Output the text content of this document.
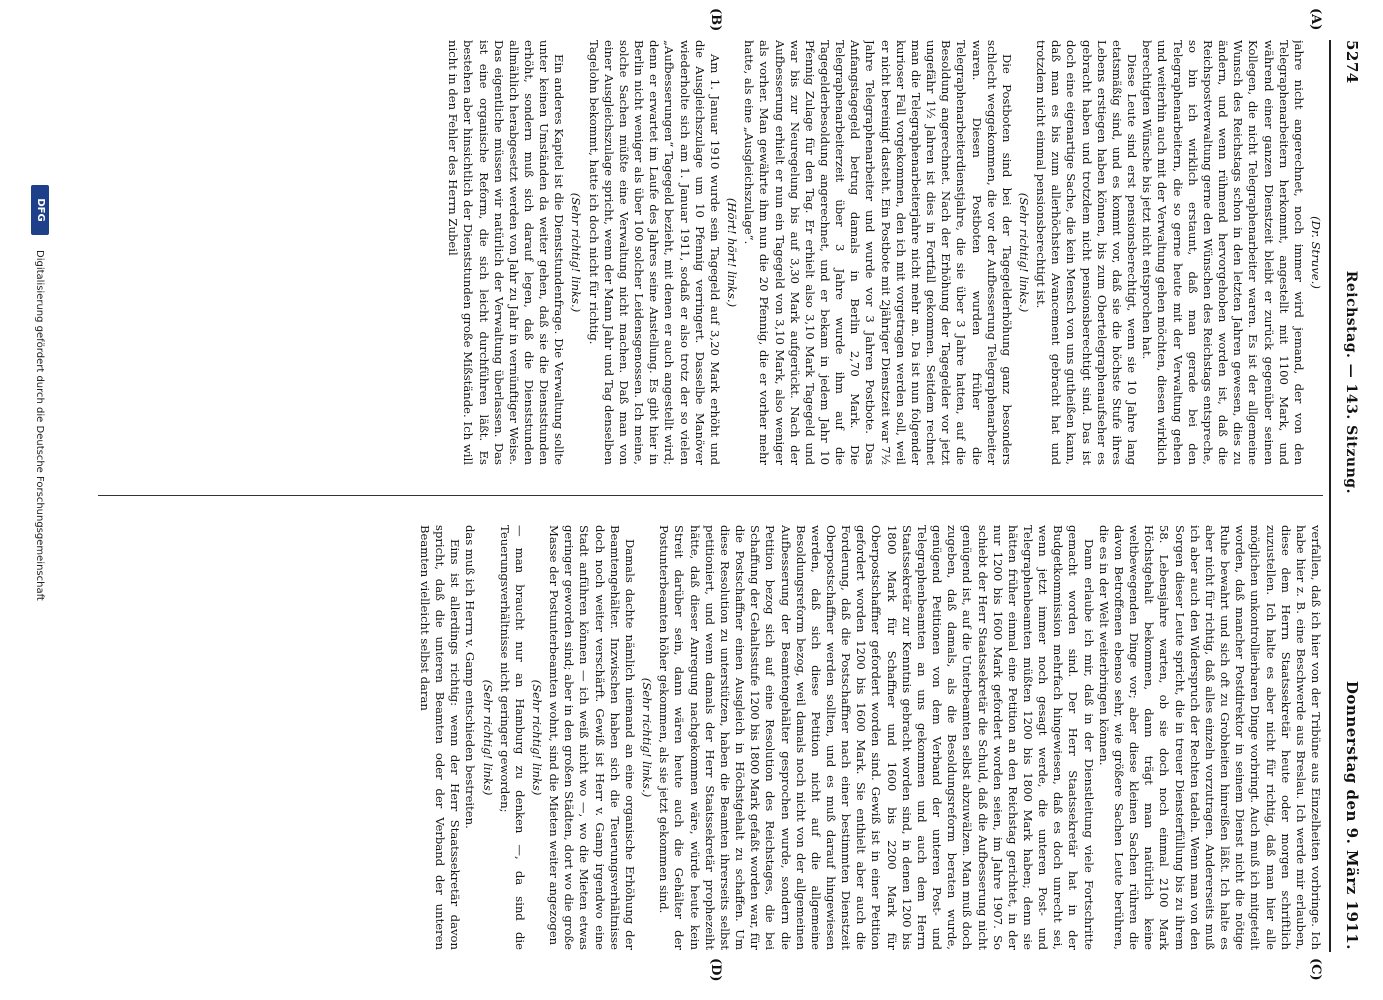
5274
Reichstag. — 143. Sitzung.
Donnerstag den 9. März 1911.
(A)
(B)
(C)
(D)
(Dr. Struve.)

jahre nicht angerechnet, noch immer wird jemand, der von den Telegraphenarbeitern herkommt, angestellt mit 1100 Mark, und während einer ganzen Dienstzeit bleibt er zurück gegenüber seinen Kollegen, die nicht Telegraphenarbeiter waren. Es ist der allgemeine Wunsch des Reichstags schon in den letzten Jahren gewesen, dies zu ändern, und wenn rühmend hervorgehoben worden ist, daß die Reichspostverwaltung gerne den Wünschen des Reichstags entspreche, so bin ich wirklich erstaunt, daß man gerade bei den Telegraphenarbeitern, die so gerne heute mit der Verwaltung gehen und weiterhin auch mit der Verwaltung gehen möchten, diesen wirklich berechtigten Wünsche bis jetzt nicht entsprochen hat.

Diese Leute sind erst pensionsberechtigt, wenn sie 10 Jahre lang etatsmäßig sind, und es kommt vor, daß sie die höchste Stufe ihres Lebens erstiegen haben können, bis zum Obertelegraphenaufseher es gebracht haben und trotzdem nicht pensionsberechtigt sind. Das ist doch eine eigenartige Sache, die kein Mensch von uns gutheißen kann, daß man es bis zum allerhöchsten Avancement gebracht hat und trotzdem nicht einmal pensionsberechtigt ist.

(Sehr richtig! links.)

Die Postboten sind bei der Tagegelderhöhung ganz besonders schlecht weggekommen, die vor der Aufbesserung Telegraphenarbeiter waren. Diesen Postboten wurden früher die Telegraphenarbeiterdienstjahre, die sie über 3 Jahre hatten, auf die Besoldung angerechnet. Nach der Erhöhung der Tagegelder vor jetzt ungefähr 1½ Jahren ist dies in Fortfall gekommen. Seitdem rechnet man die Telegraphenarbeiterjahre nicht mehr an. Da ist nun folgender kurioser Fall vorgekommen, den ich mit vorgetragen werden soll, weil er nicht bereinigt dasteht. Ein Postbote mit 2jähriger Dienstzeit war 7½ Jahre Telegraphenarbeiter und wurde vor 3 Jahren Postbote. Das Anfangstagegeld betrug damals in Berlin 2,70 Mark. Die Telegraphenarbeiterzeit über 3 Jahre wurde ihm auf die Tagegelderbesoldung angerechnet, und er bekam in jedem Jahr 10 Pfennig Zulage für den Tag. Er erhielt also 3,10 Mark Tagegeld und war bis zur Neuregelung bis auf 3,30 Mark aufgerückt. Nach der Aufbesserung erhielt er nun ein Tagegeld von 3,10 Mark, also weniger als vorher. Man gewährte ihm nun die 20 Pfennig, die er vorher mehr hatte, als eine „Ausgleichszulage“.

(Hört! hört! links.)

Am 1. Januar 1910 wurde sein Tagegeld auf 3,20 Mark erhöht und die Ausgleichszulage um 10 Pfennig verringert. Dasselbe Manöver wiederholte sich am 1. Januar 1911, sodaß er also trotz der so vielen „Aufbesserungen“ Tagegeld bezieht, mit denen er auch angestellt wird; denn er erwartet im Laufe des Jahres seine Anstellung. Es gibt hier in Berlin nicht weniger als über 100 solcher Leidensgenossen. Ich meine, solche Sachen müßte eine Verwaltung nicht machen. Daß man von einer Ausgleichszulage spricht, wenn der Mann Jahr und Tag denselben Tagelohn bekommt, hatte ich doch nicht für richtig.

(Sehr richtig! links.)

Ein anderes Kapitel ist die Dienststundenfrage. Die Verwaltung sollte unter keinen Umständen da weiter gehen, daß sie die Dienststunden erhöht, sondern muß sich darauf legen, daß die Dienststunden allmählich herabgesetzt werden von Jahr zu Jahr in vernünftiger Weise. Das eigentliche müssen wir natürlich der Verwaltung überlassen. Das ist eine organische Reform, die sich leicht durchführen läßt. Es bestehen aber hinsichtlich der Dienststunden große Mißstände. Ich will nicht in den Fehler des Herrn Zubeil

verfallen, daß ich hier von der Tribüne aus Einzelheiten vorbringe. Ich habe hier z. B. eine Beschwerde aus Breslau. Ich werde mir erlauben, diese dem Herrn Staatssekretär heute oder morgen schriftlich zuzustellen. Ich halte es aber nicht für richtig, daß man hier alle möglichen unkontrollierbaren Dinge vorbringt. Auch muß ich mitgeteilt worden, daß mancher Postdirektor in seinem Dienst nicht die nötige Ruhe bewahrt und sich oft zu Grobheiten hinreißen läßt. Ich halte es aber nicht für richtig, daß alles einzeln vorzutragen. Andererseits muß ich aber auch den Widerspruch der Rechten tadeln. Wenn man von den Sorgen dieser Leute spricht, die in treuer Diensterfüllung bis zu ihrem 58. Lebensjahre warten, ob sie doch noch einmal 2100 Mark Höchstgehalt bekommen, dann trägt man natürlich keine weltbewegenden Dinge vor; aber diese kleinen Sachen rühren die davon Betroffenen ebenso sehr, wie größere Sachen Leute berühren, die es in der Welt weiterbringen können.

Dann erlaube ich mir, daß in der Dienstleitung viele Fortschritte gemacht worden sind. Der Herr Staatssekretär hat in der Budgetkommission mehrfach hingewiesen, daß es doch unrecht sei, wenn jetzt immer noch gesagt werde, die unteren Post- und Telegraphenbeamten müßten 1200 bis 1800 Mark haben; denn sie hätten früher einmal eine Petition an den Reichstag gerichtet, in der nur 1200 bis 1600 Mark gefordert worden seien, im Jahre 1907. So schiebt der Herr Staatssekretär die Schuld, daß die Aufbesserung nicht genügend ist, auf die Unterbeamten selbst abzuwälzen. Man muß doch zugeben, daß damals, als die Besoldungsreform beraten wurde, genügend Petitionen von dem Verband der unteren Post- und Telegraphenbeamten an uns gekommen und auch dem Herrn Staatssekretär zur Kenntnis gebracht worden sind, in denen 1200 bis 1800 Mark für Schaffner und 1600 bis 2200 Mark für Oberpostschaffner gefordert worden sind. Gewiß ist in einer Petition gefordert worden 1200 bis 1600 Mark. Sie enthielt aber auch die Forderung, daß die Postschaffner nach einer bestimmten Dienstzeit Oberpostschaffner werden sollten, und es muß darauf hingewiesen werden, daß sich diese Petition nicht auf die allgemeine Besoldungsreform bezog, weil damals noch nicht von der allgemeinen Aufbesserung der Beamtengehälter gesprochen wurde, sondern die Petition bezog sich auf eine Resolution des Reichstages, die bei Schaffung der Gehaltsstufe 1200 bis 1800 Mark gefaßt worden war, für die Postschaffner einen Ausgleich in Höchstgehalt zu schaffen. Um diese Resolution zu unterstützen, haben die Beamten ihrerseits selbst petitioniert, und wenn damals der Herr Staatssekretär prophezeiht hätte, daß dieser Anregung nachgekommen wäre, würde heute kein Streit darüber sein, dann wären heute auch die Gehälter der Postunterbeamten höher gekommen, als sie jetzt gekommen sind.

(Sehr richtig! links.)

Damals dachte nämlich niemand an eine organische Erhöhung der Beamtengehälter. Inzwischen haben sich die Teuerungsverhältnisse doch noch weiter verschärft. Gewiß ist Herr v. Gamp irgendwo eine Stadt anführen können — ich weiß nicht wo —, wo die Mieten etwas geringer geworden sind; aber in den großen Städten, dort wo die große Masse der Postunterbeamten wohnt, sind die Mieten weiter angezogen

(Sehr richtig! links)

— man braucht nur an Hamburg zu denken —, da sind die Teuerungsverhältnisse nicht geringer geworden;

(Sehr richtig! links)

das muß ich Herrn v. Gamp entschieden bestreiten.

Eins ist allerdings richtig: wenn der Herr Staatssekretär davon spricht, daß die unteren Beamten oder der Verband der unteren Beamten vielleicht selbst daran

DFG
Digitalisierung gefördert durch die Deutsche Forschungsgemeinschaft
